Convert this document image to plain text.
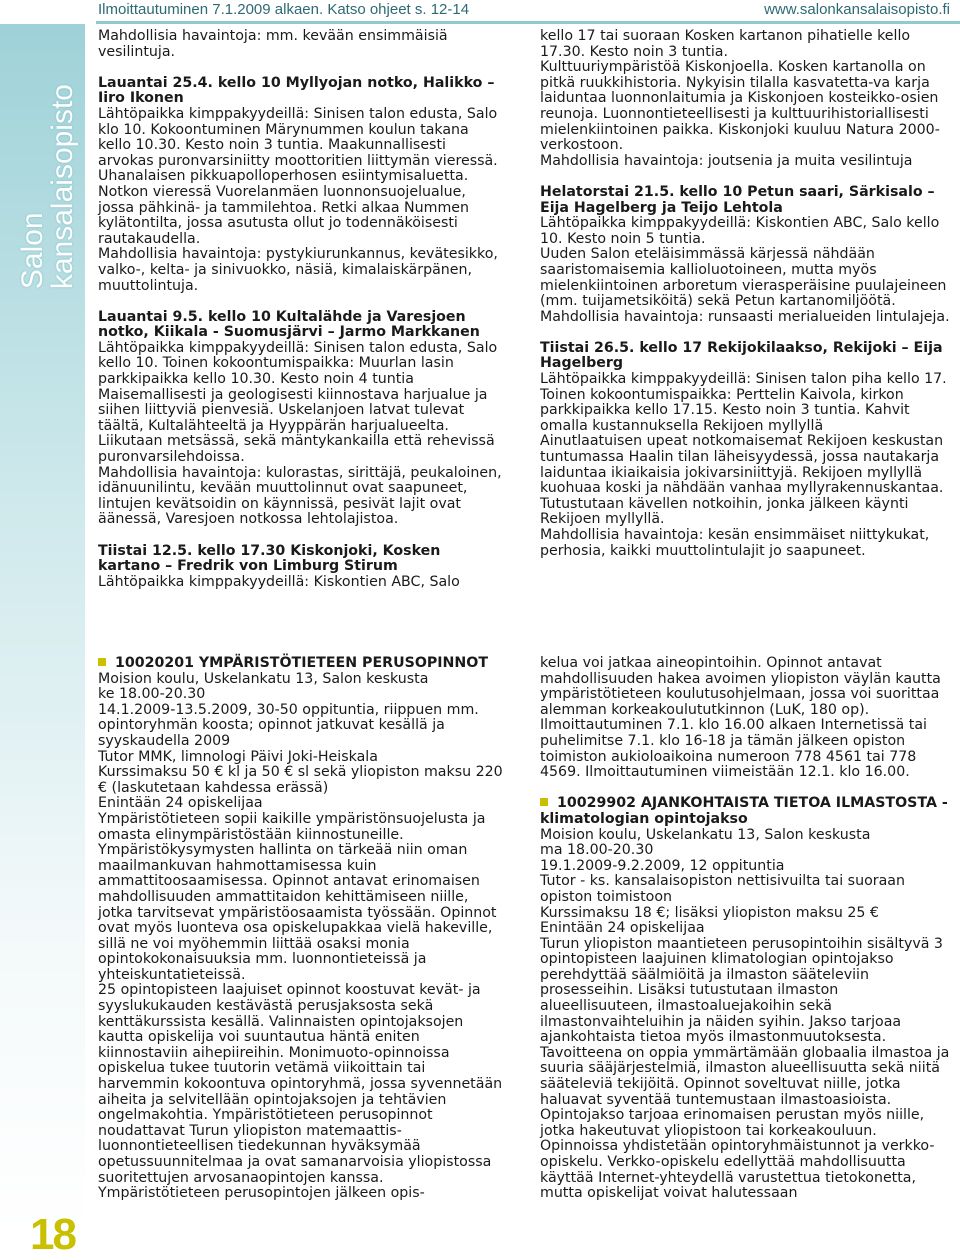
Ilmoittautuminen 7.1.2009 alkaen. Katso ohjeet s. 12-14	www.salonkansalaisopisto.fi
Salon
kansalaisopisto
18

Mahdollisia havaintoja: mm. kevään ensimmäisiä vesilintuja.

Lauantai 25.4. kello 10 Myllyojan notko, Halikko – Iiro Ikonen

Lähtöpaikka kimppakyydeillä: Sinisen talon edusta, Salo klo 10. Kokoontuminen Märynummen koulun takana kello 10.30. Kesto noin 3 tuntia. Maakunnallisesti arvokas puronvarsiniitty moottoritien liittymän vieressä. Uhanalaisen pikkuapolloperhosen esiintymisaluetta. Notkon vieressä Vuorelanmäen luonnonsuojelualue, jossa pähkinä- ja tammilehtoa. Retki alkaa Nummen kylätontilta, jossa asutusta ollut jo todennäköisesti rautakaudella.

Mahdollisia havaintoja: pystykiurunkannus, kevätesikko, valko-, kelta- ja sinivuokko, näsiä, kimalaiskärpänen, muuttolintuja.

Lauantai 9.5. kello 10 Kultalähde ja Varesjoen notko, Kiikala - Suomusjärvi – Jarmo Markkanen

Lähtöpaikka kimppakyydeillä: Sinisen talon edusta, Salo kello 10. Toinen kokoontumispaikka: Muurlan lasin parkkipaikka kello 10.30. Kesto noin 4 tuntia Maisemallisesti ja geologisesti kiinnostava harjualue ja siihen liittyviä pienvesiä. Uskelanjoen latvat tulevat täältä, Kultalähteeltä ja Hyyppärän harjualueelta. Liikutaan metsässä, sekä mäntykankailla että rehevissä puronvarsilehdoissa.

Mahdollisia havaintoja: kulorastas, sirittäjä, peukaloinen, idänuunilintu, kevään muuttolinnut ovat saapuneet, lintujen kevätsoidin on käynnissä, pesivät lajit ovat äänessä, Varesjoen notkossa lehtolajistoa.

Tiistai 12.5. kello 17.30 Kiskonjoki, Kosken kartano – Fredrik von Limburg Stirum

Lähtöpaikka kimppakyydeillä: Kiskontien ABC, Salo

kello 17 tai suoraan Kosken kartanon pihatielle kello 17.30. Kesto noin 3 tuntia.

Kulttuuriympäristöä Kiskonjoella. Kosken kartanolla on pitkä ruukkihistoria. Nykyisin tilalla kasvatetta-va karja laiduntaa luonnonlaitumia ja Kiskonjoen kosteikko-osien reunoja. Luonnontieteellisesti ja kulttuurihistoriallisesti mielenkiintoinen paikka. Kiskonjoki kuuluu Natura 2000-verkostoon.

Mahdollisia havaintoja: joutsenia ja muita vesilintuja

Helatorstai 21.5. kello 10 Petun saari, Särkisalo – Eija Hagelberg ja Teijo Lehtola

Lähtöpaikka kimppakyydeillä: Kiskontien ABC, Salo kello 10. Kesto noin 5 tuntia.

Uuden Salon eteläisimmässä kärjessä nähdään saaristomaisemia kallioluotoineen, mutta myös mielenkiintoinen arboretum vierasperäisine puulajeineen (mm. tuijametsiköitä) sekä Petun kartanomiljöötä.

Mahdollisia havaintoja: runsaasti merialueiden lintulajeja.

Tiistai 26.5. kello 17 Rekijokilaakso, Rekijoki – Eija Hagelberg

Lähtöpaikka kimppakyydeillä: Sinisen talon piha kello 17. Toinen kokoontumispaikka: Perttelin Kaivola, kirkon parkkipaikka kello 17.15. Kesto noin 3 tuntia. Kahvit omalla kustannuksella Rekijoen myllyllä

Ainutlaatuisen upeat notkomaisemat Rekijoen keskustan tuntumassa Haalin tilan läheisyydessä, jossa nautakarja laiduntaa ikiaikaisia jokivarsiniittyjä. Rekijoen myllyllä kuohuaa koski ja nähdään vanhaa myllyrakennuskantaa. Tutustutaan kävellen notkoihin, jonka jälkeen käynti Rekijoen myllyllä.

Mahdollisia havaintoja: kesän ensimmäiset niittykukat, perhosia, kaikki muuttolintulajit jo saapuneet.

10020201 YMPÄRISTÖTIETEEN PERUSOPINNOT

Moision koulu, Uskelankatu 13, Salon keskusta

ke 18.00-20.30

14.1.2009-13.5.2009, 30-50 oppituntia, riippuen mm. opintoryhmän koosta; opinnot jatkuvat kesällä ja syyskaudella 2009

Tutor MMK, limnologi Päivi Joki-Heiskala

Kurssimaksu 50 € kl ja 50 € sl sekä yliopiston maksu 220 € (laskutetaan kahdessa erässä)

Enintään 24 opiskelijaa

Ympäristötieteen sopii kaikille ympäristönsuojelusta ja omasta elinympäristöstään kiinnostuneille. Ympäristökysymysten hallinta on tärkeää niin oman maailmankuvan hahmottamisessa kuin ammattitoosaamisessa. Opinnot antavat erinomaisen mahdollisuuden ammattitaidon kehittämiseen niille, jotka tarvitsevat ympäristöosaamista työssään. Opinnot ovat myös luonteva osa opiskelupakkaa vielä hakeville, sillä ne voi myöhemmin liittää osaksi monia opintokokonaisuuksia mm. luonnontieteissä ja yhteiskuntatieteissä.

25 opintopisteen laajuiset opinnot koostuvat kevät- ja syyslukukauden kestävästä perusjaksosta sekä kenttäkurssista kesällä. Valinnaisten opintojaksojen kautta opiskelija voi suuntautua häntä eniten kiinnostaviin aihepiireihin. Monimuoto-opinnoissa opiskelua tukee tuutorin vetämä viikoittain tai harvemmin kokoontuva opintoryhmä, jossa syvennetään aiheita ja selvitellään opintojaksojen ja tehtävien ongelmakohtia. Ympäristötieteen perusopinnot noudattavat Turun yliopiston matemaattis-luonnontieteellisen tiedekunnan hyväksymää opetussuunnitelmaa ja ovat samanarvoisia yliopistossa suoritettujen arvosanaopintojen kanssa. Ympäristötieteen perusopintojen jälkeen opis-

kelua voi jatkaa aineopintoihin. Opinnot antavat mahdollisuuden hakea avoimen yliopiston väylän kautta ympäristötieteen koulutusohjelmaan, jossa voi suorittaa alemman korkeakoulututkinnon (LuK, 180 op). Ilmoittautuminen 7.1. klo 16.00 alkaen Internetissä tai puhelimitse 7.1. klo 16-18 ja tämän jälkeen opiston toimiston aukioloaikoina numeroon 778 4561 tai 778 4569. Ilmoittautuminen viimeistään 12.1. klo 16.00.

10029902 AJANKOHTAISTA TIETOA ILMASTOSTA - klimatologian opintojakso

Moision koulu, Uskelankatu 13, Salon keskusta

ma 18.00-20.30

19.1.2009-9.2.2009, 12 oppituntia

Tutor - ks. kansalaisopiston nettisivuilta tai suoraan opiston toimistoon

Kurssimaksu 18 €; lisäksi yliopiston maksu 25 €

Enintään 24 opiskelijaa

Turun yliopiston maantieteen perusopintoihin sisältyvä 3 opintopisteen laajuinen klimatologian opintojakso perehdyttää säälmiöitä ja ilmaston sääteleviin prosesseihin. Lisäksi tutustutaan ilmaston alueellisuuteen, ilmastoaluejakoihin sekä ilmastonvaihteluihin ja näiden syihin. Jakso tarjoaa ajankohtaista tietoa myös ilmastonmuutoksesta. Tavoitteena on oppia ymmärtämään globaalia ilmastoa ja suuria sääjärjestelmiä, ilmaston alueellisuutta sekä niitä sääteleviä tekijöitä. Opinnot soveltuvat niille, jotka haluavat syventää tuntemustaan ilmastoasioista. Opintojakso tarjoaa erinomaisen perustan myös niille, jotka hakeutuvat yliopistoon tai korkeakouluun. Opinnoissa yhdistetään opintoryhmäistunnot ja verkko-opiskelu. Verkko-opiskelu edellyttää mahdollisuutta käyttää Internet-yhteydellä varustettua tietokonetta, mutta opiskelijat voivat halutessaan
